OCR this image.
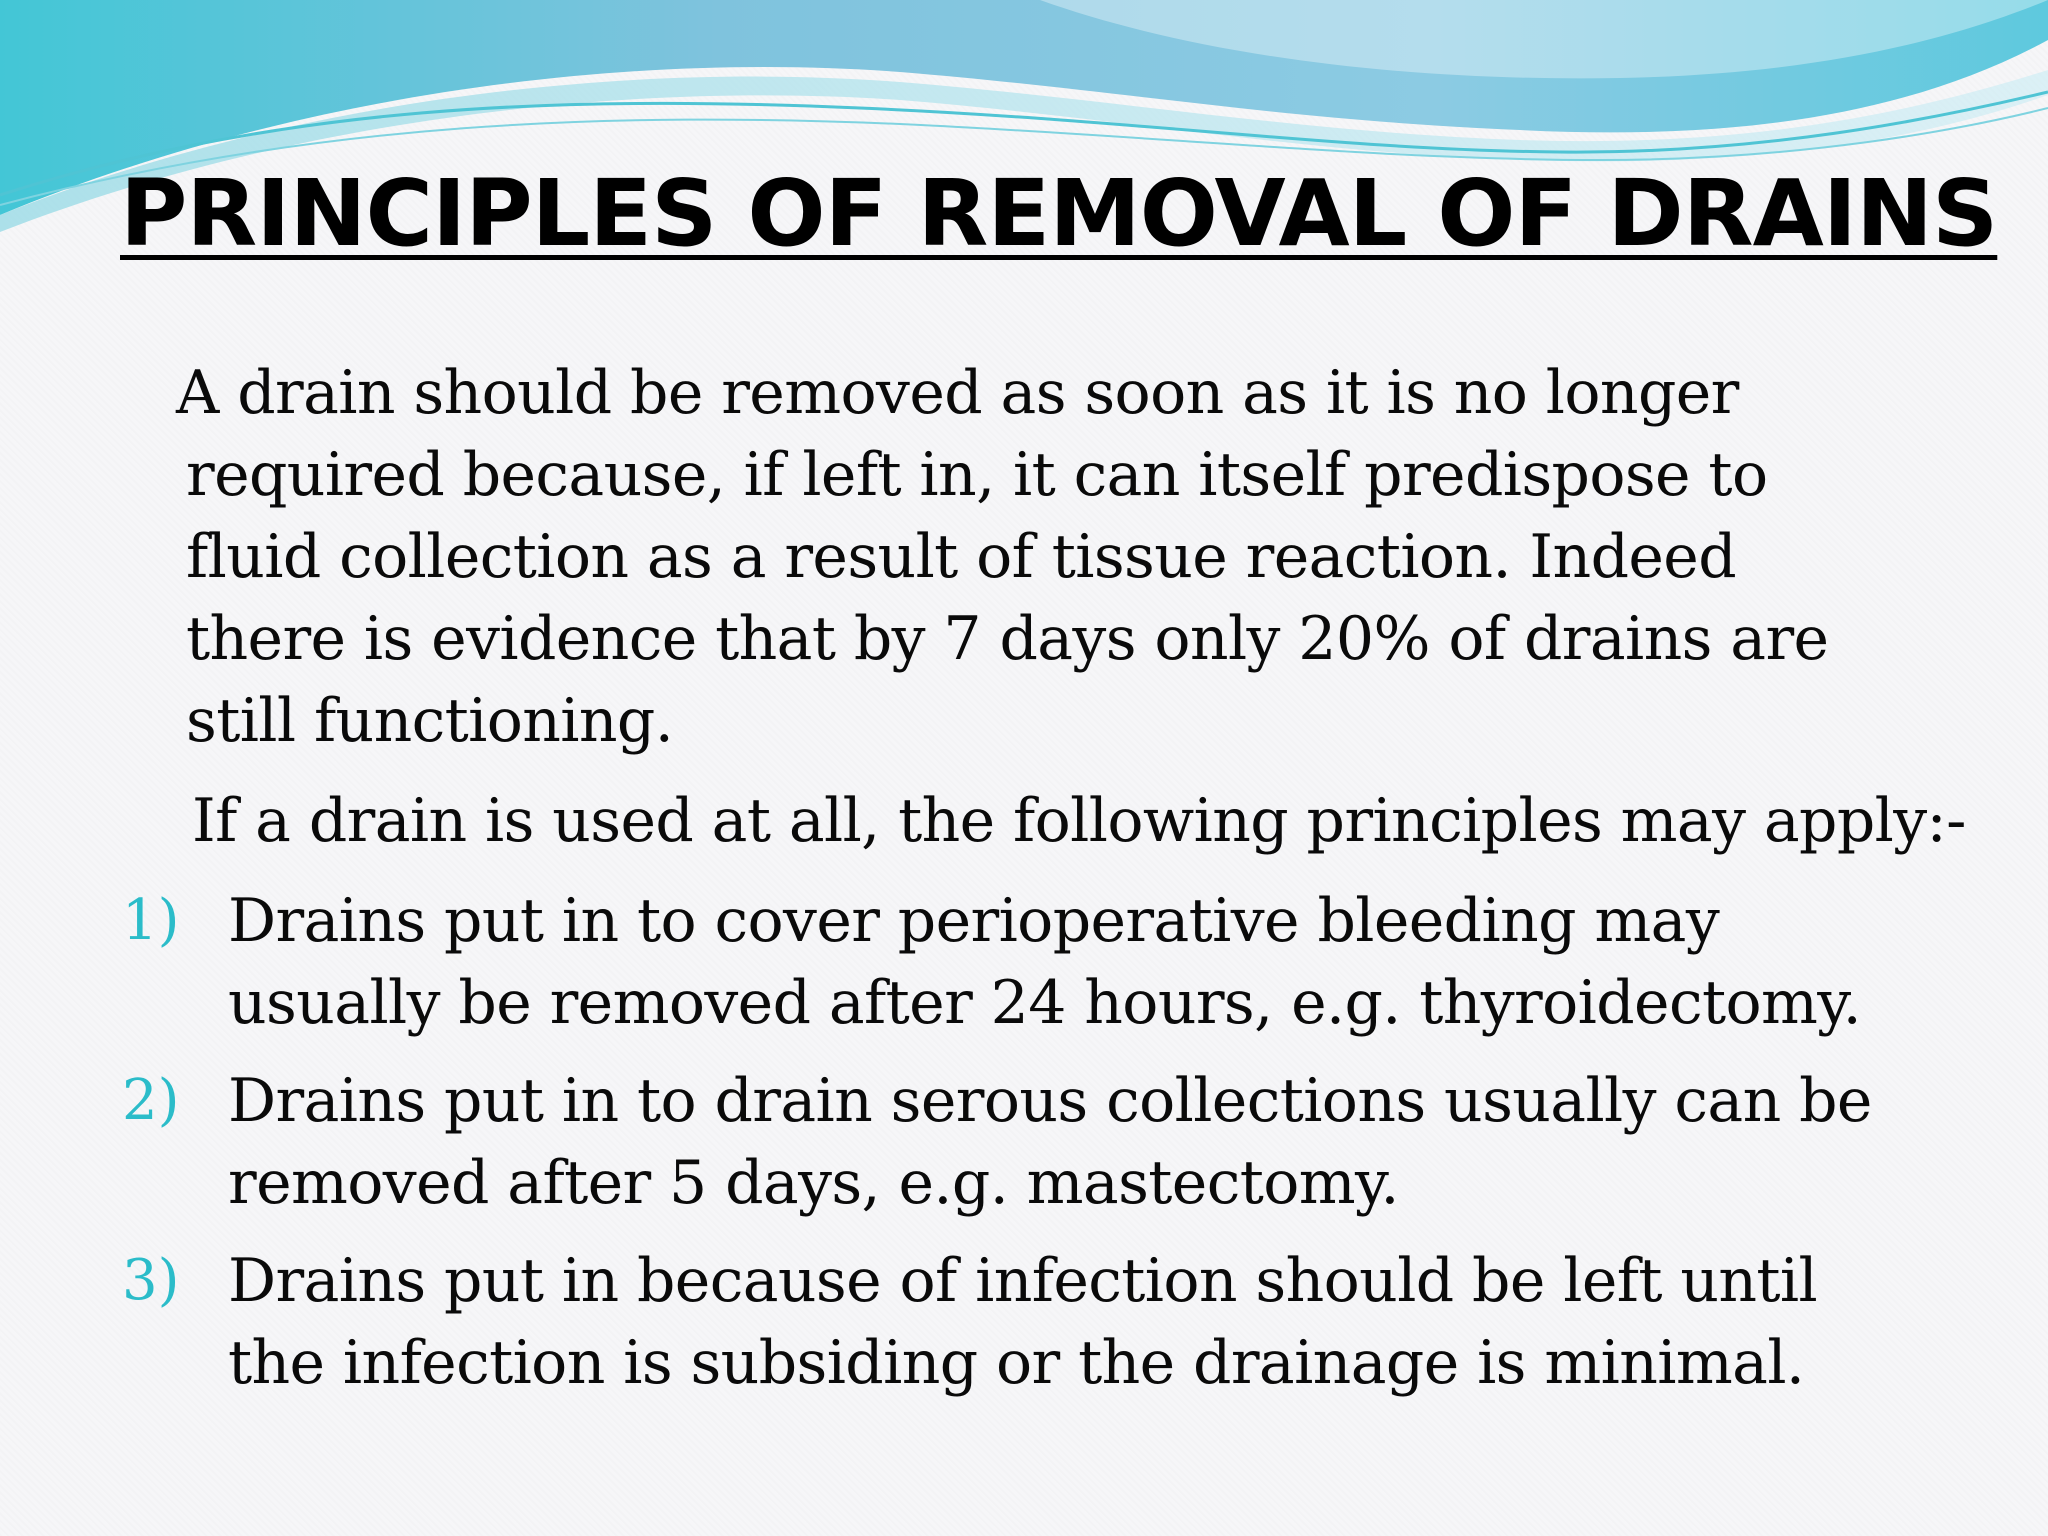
PRINCIPLES OF REMOVAL OF DRAINS

A drain should be removed as soon as it is no longer required because, if left in, it can itself predispose to fluid collection as a result of tissue reaction. Indeed there is evidence that by 7 days only 20% of drains are still functioning.

If a drain is used at all, the following principles may apply:-

1) Drains put in to cover perioperative bleeding may usually be removed after 24 hours, e.g. thyroidectomy.
2) Drains put in to drain serous collections usually can be removed after 5 days, e.g. mastectomy.
3) Drains put in because of infection should be left until the infection is subsiding or the drainage is minimal.
